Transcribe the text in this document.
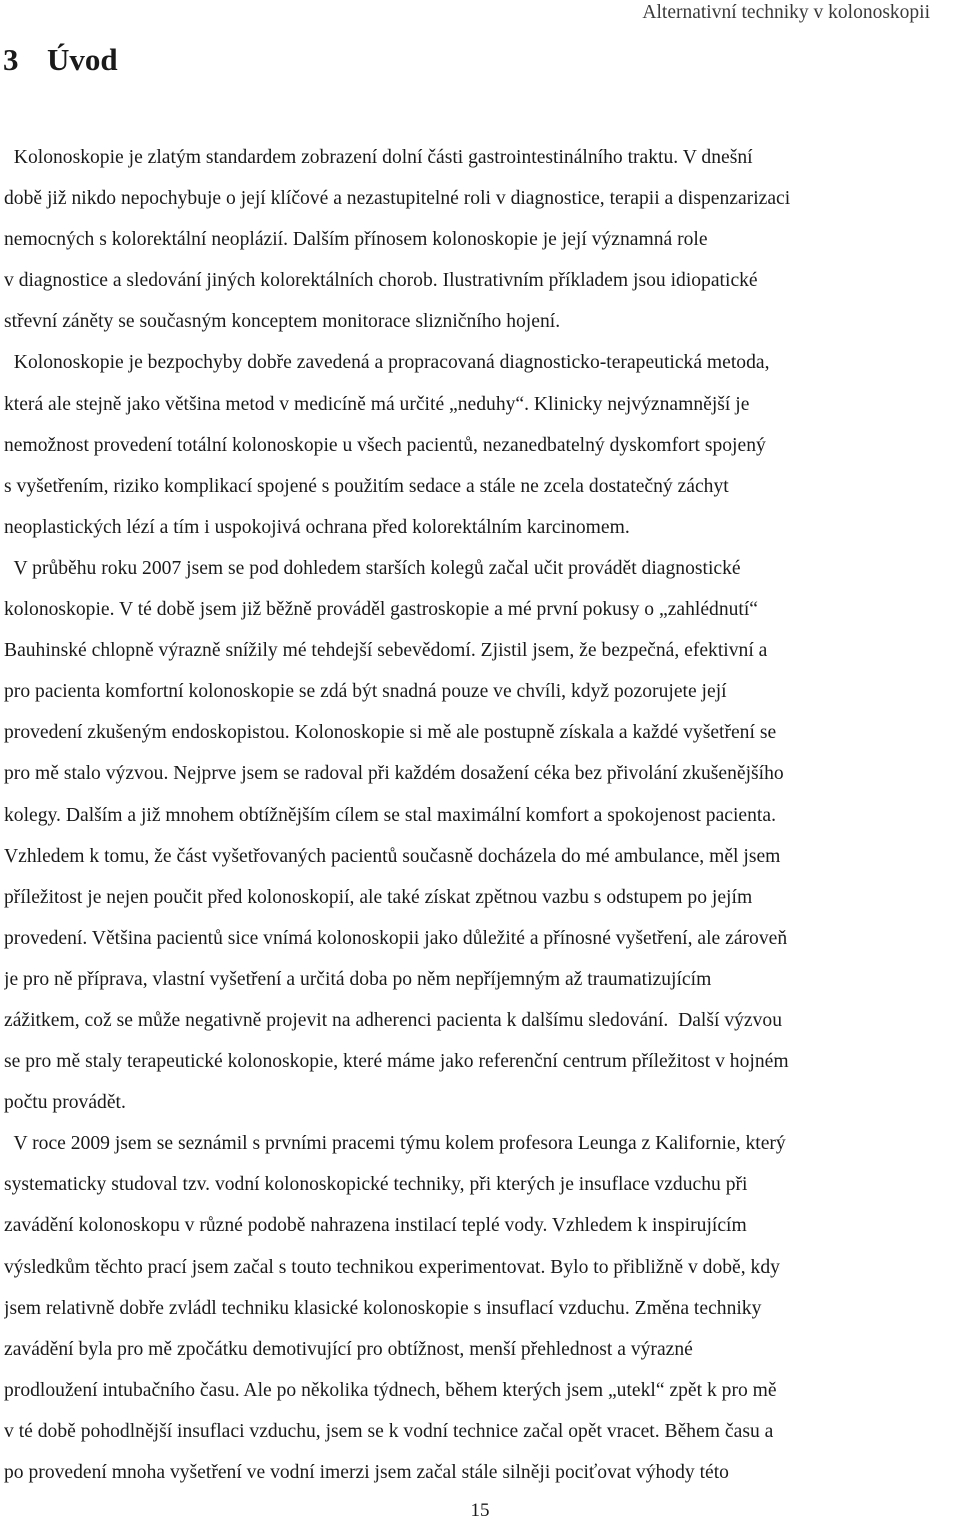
Alternativní techniky v kolonoskopii
3 Úvod
Kolonoskopie je zlatým standardem zobrazení dolní části gastrointestinálního traktu. V dnešní
době již nikdo nepochybuje o její klíčové a nezastupitelné roli v diagnostice, terapii a dispenzarizaci
nemocných s kolorektální neoplázií. Dalším přínosem kolonoskopie je její významná role
v diagnostice a sledování jiných kolorektálních chorob. Ilustrativním příkladem jsou idiopatické
střevní záněty se současným konceptem monitorace slizničního hojení.
Kolonoskopie je bezpochyby dobře zavedená a propracovaná diagnosticko-terapeutická metoda,
která ale stejně jako většina metod v medicíně má určité „neduhy“. Klinicky nejvýznamnější je
nemožnost provedení totální kolonoskopie u všech pacientů, nezanedbatelný dyskomfort spojený
s vyšetřením, riziko komplikací spojené s použitím sedace a stále ne zcela dostatečný záchyt
neoplastických lézí a tím i uspokojivá ochrana před kolorektálním karcinomem.
V průběhu roku 2007 jsem se pod dohledem starších kolegů začal učit provádět diagnostické
kolonoskopie. V té době jsem již běžně prováděl gastroskopie a mé první pokusy o „zahlédnutí“
Bauhinské chlopně výrazně snížily mé tehdejší sebevědomí. Zjistil jsem, že bezpečná, efektivní a
pro pacienta komfortní kolonoskopie se zdá být snadná pouze ve chvíli, když pozorujete její
provedení zkušeným endoskopistou. Kolonoskopie si mě ale postupně získala a každé vyšetření se
pro mě stalo výzvou. Nejprve jsem se radoval při každém dosažení céka bez přivolání zkušenějšího
kolegy. Dalším a již mnohem obtížnějším cílem se stal maximální komfort a spokojenost pacienta.
Vzhledem k tomu, že část vyšetřovaných pacientů současně docházela do mé ambulance, měl jsem
příležitost je nejen poučit před kolonoskopií, ale také získat zpětnou vazbu s odstupem po jejím
provedení. Většina pacientů sice vnímá kolonoskopii jako důležité a přínosné vyšetření, ale zároveň
je pro ně příprava, vlastní vyšetření a určitá doba po něm nepříjemným až traumatizujícím
zážitkem, což se může negativně projevit na adherenci pacienta k dalšímu sledování.  Další výzvou
se pro mě staly terapeutické kolonoskopie, které máme jako referenční centrum příležitost v hojném
počtu provádět.
V roce 2009 jsem se seznámil s prvními pracemi týmu kolem profesora Leunga z Kalifornie, který
systematicky studoval tzv. vodní kolonoskopické techniky, při kterých je insuflace vzduchu při
zavádění kolonoskopu v různé podobě nahrazena instilací teplé vody. Vzhledem k inspirujícím
výsledkům těchto prací jsem začal s touto technikou experimentovat. Bylo to přibližně v době, kdy
jsem relativně dobře zvládl techniku klasické kolonoskopie s insuflací vzduchu. Změna techniky
zavádění byla pro mě zpočátku demotivující pro obtížnost, menší přehlednost a výrazné
prodloužení intubačního času. Ale po několika týdnech, během kterých jsem „utekl“ zpět k pro mě
v té době pohodlnější insuflaci vzduchu, jsem se k vodní technice začal opět vracet. Během času a
po provedení mnoha vyšetření ve vodní imerzi jsem začal stále silněji pociťovat výhody této
15
